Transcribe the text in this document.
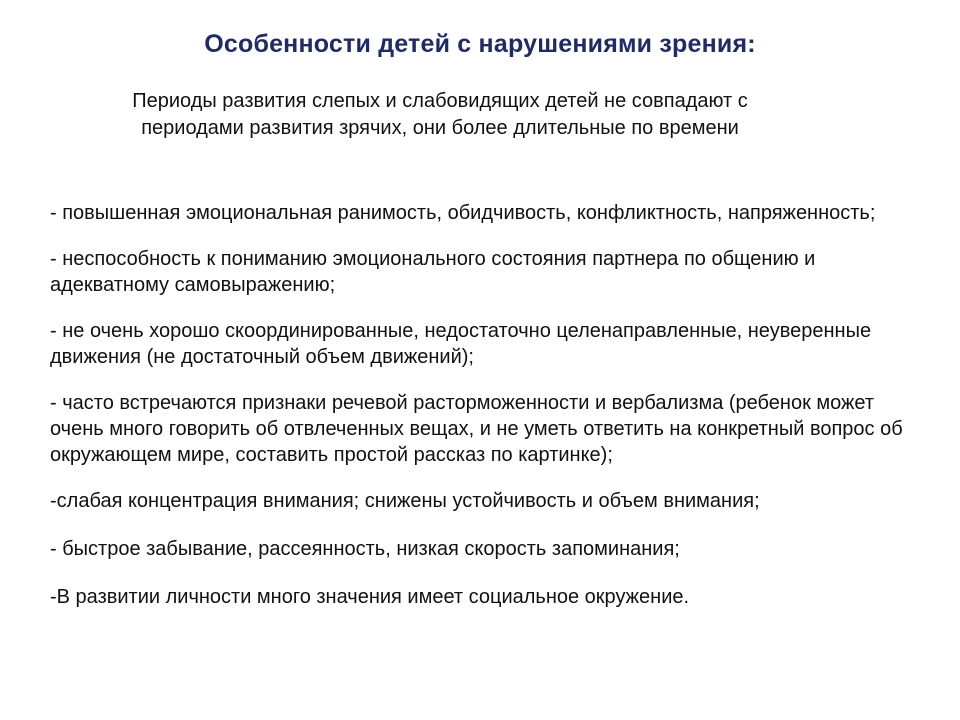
Особенности детей с нарушениями зрения:
Периоды развития слепых и слабовидящих детей не совпадают с периодами развития зрячих, они более длительные по времени
- повышенная эмоциональная ранимость, обидчивость, конфликтность, напряженность;
- неспособность к пониманию эмоционального состояния партнера по общению и адекватному самовыражению;
- не очень хорошо скоординированные, недостаточно целенаправленные, неуверенные движения (не достаточный объем движений);
- часто встречаются признаки речевой расторможенности и вербализма (ребенок может очень много говорить об отвлеченных вещах, и не уметь ответить на конкретный вопрос об окружающем мире, составить простой рассказ по картинке);
-слабая концентрация внимания; снижены устойчивость и объем внимания;
- быстрое забывание, рассеянность, низкая скорость запоминания;
-В развитии личности много значения имеет социальное окружение.
